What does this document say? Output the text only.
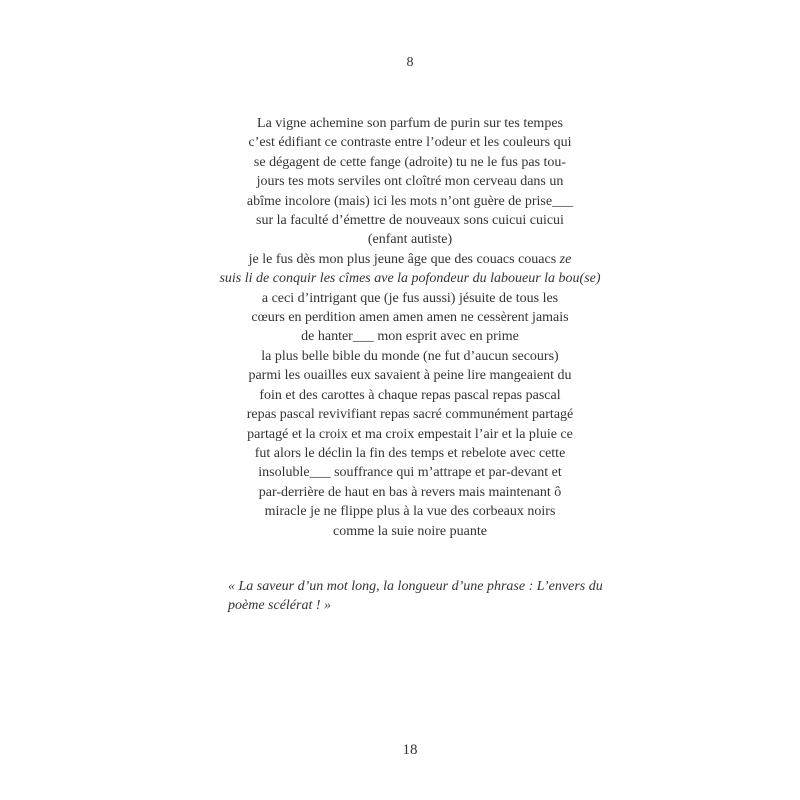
8
La vigne achemine son parfum de purin sur tes tempes
c’est édifiant ce contraste entre l’odeur et les couleurs qui
se dégagent de cette fange (adroite) tu ne le fus pas tou-
jours tes mots serviles ont cloîtré mon cerveau dans un
abîme incolore (mais) ici les mots n’ont guère de prise___
sur la faculté d’émettre de nouveaux sons cuicui cuicui
(enfant autiste)
je le fus dès mon plus jeune âge que des couacs couacs ze
suis li de conquir les cîmes ave la pofondeur du laboueur la bou(se)
a ceci d’intrigant que (je fus aussi) jésuite de tous les
cœurs en perdition amen amen amen ne cessèrent jamais
de hanter___ mon esprit avec en prime
la plus belle bible du monde (ne fut d’aucun secours)
parmi les ouailles eux savaient à peine lire mangeaient du
foin et des carottes à chaque repas pascal repas pascal
repas pascal revivifiant repas sacré communément partagé
partagé et la croix et ma croix empestait l’air et la pluie ce
fut alors le déclin la fin des temps et rebelote avec cette
insoluble___ souffrance qui m’attrape et par-devant et
par-derrière de haut en bas à revers mais maintenant ô
miracle je ne flippe plus à la vue des corbeaux noirs
comme la suie noire puante
« La saveur d’un mot long, la longueur d’une phrase : L’envers du
poème scélérat ! »
18
